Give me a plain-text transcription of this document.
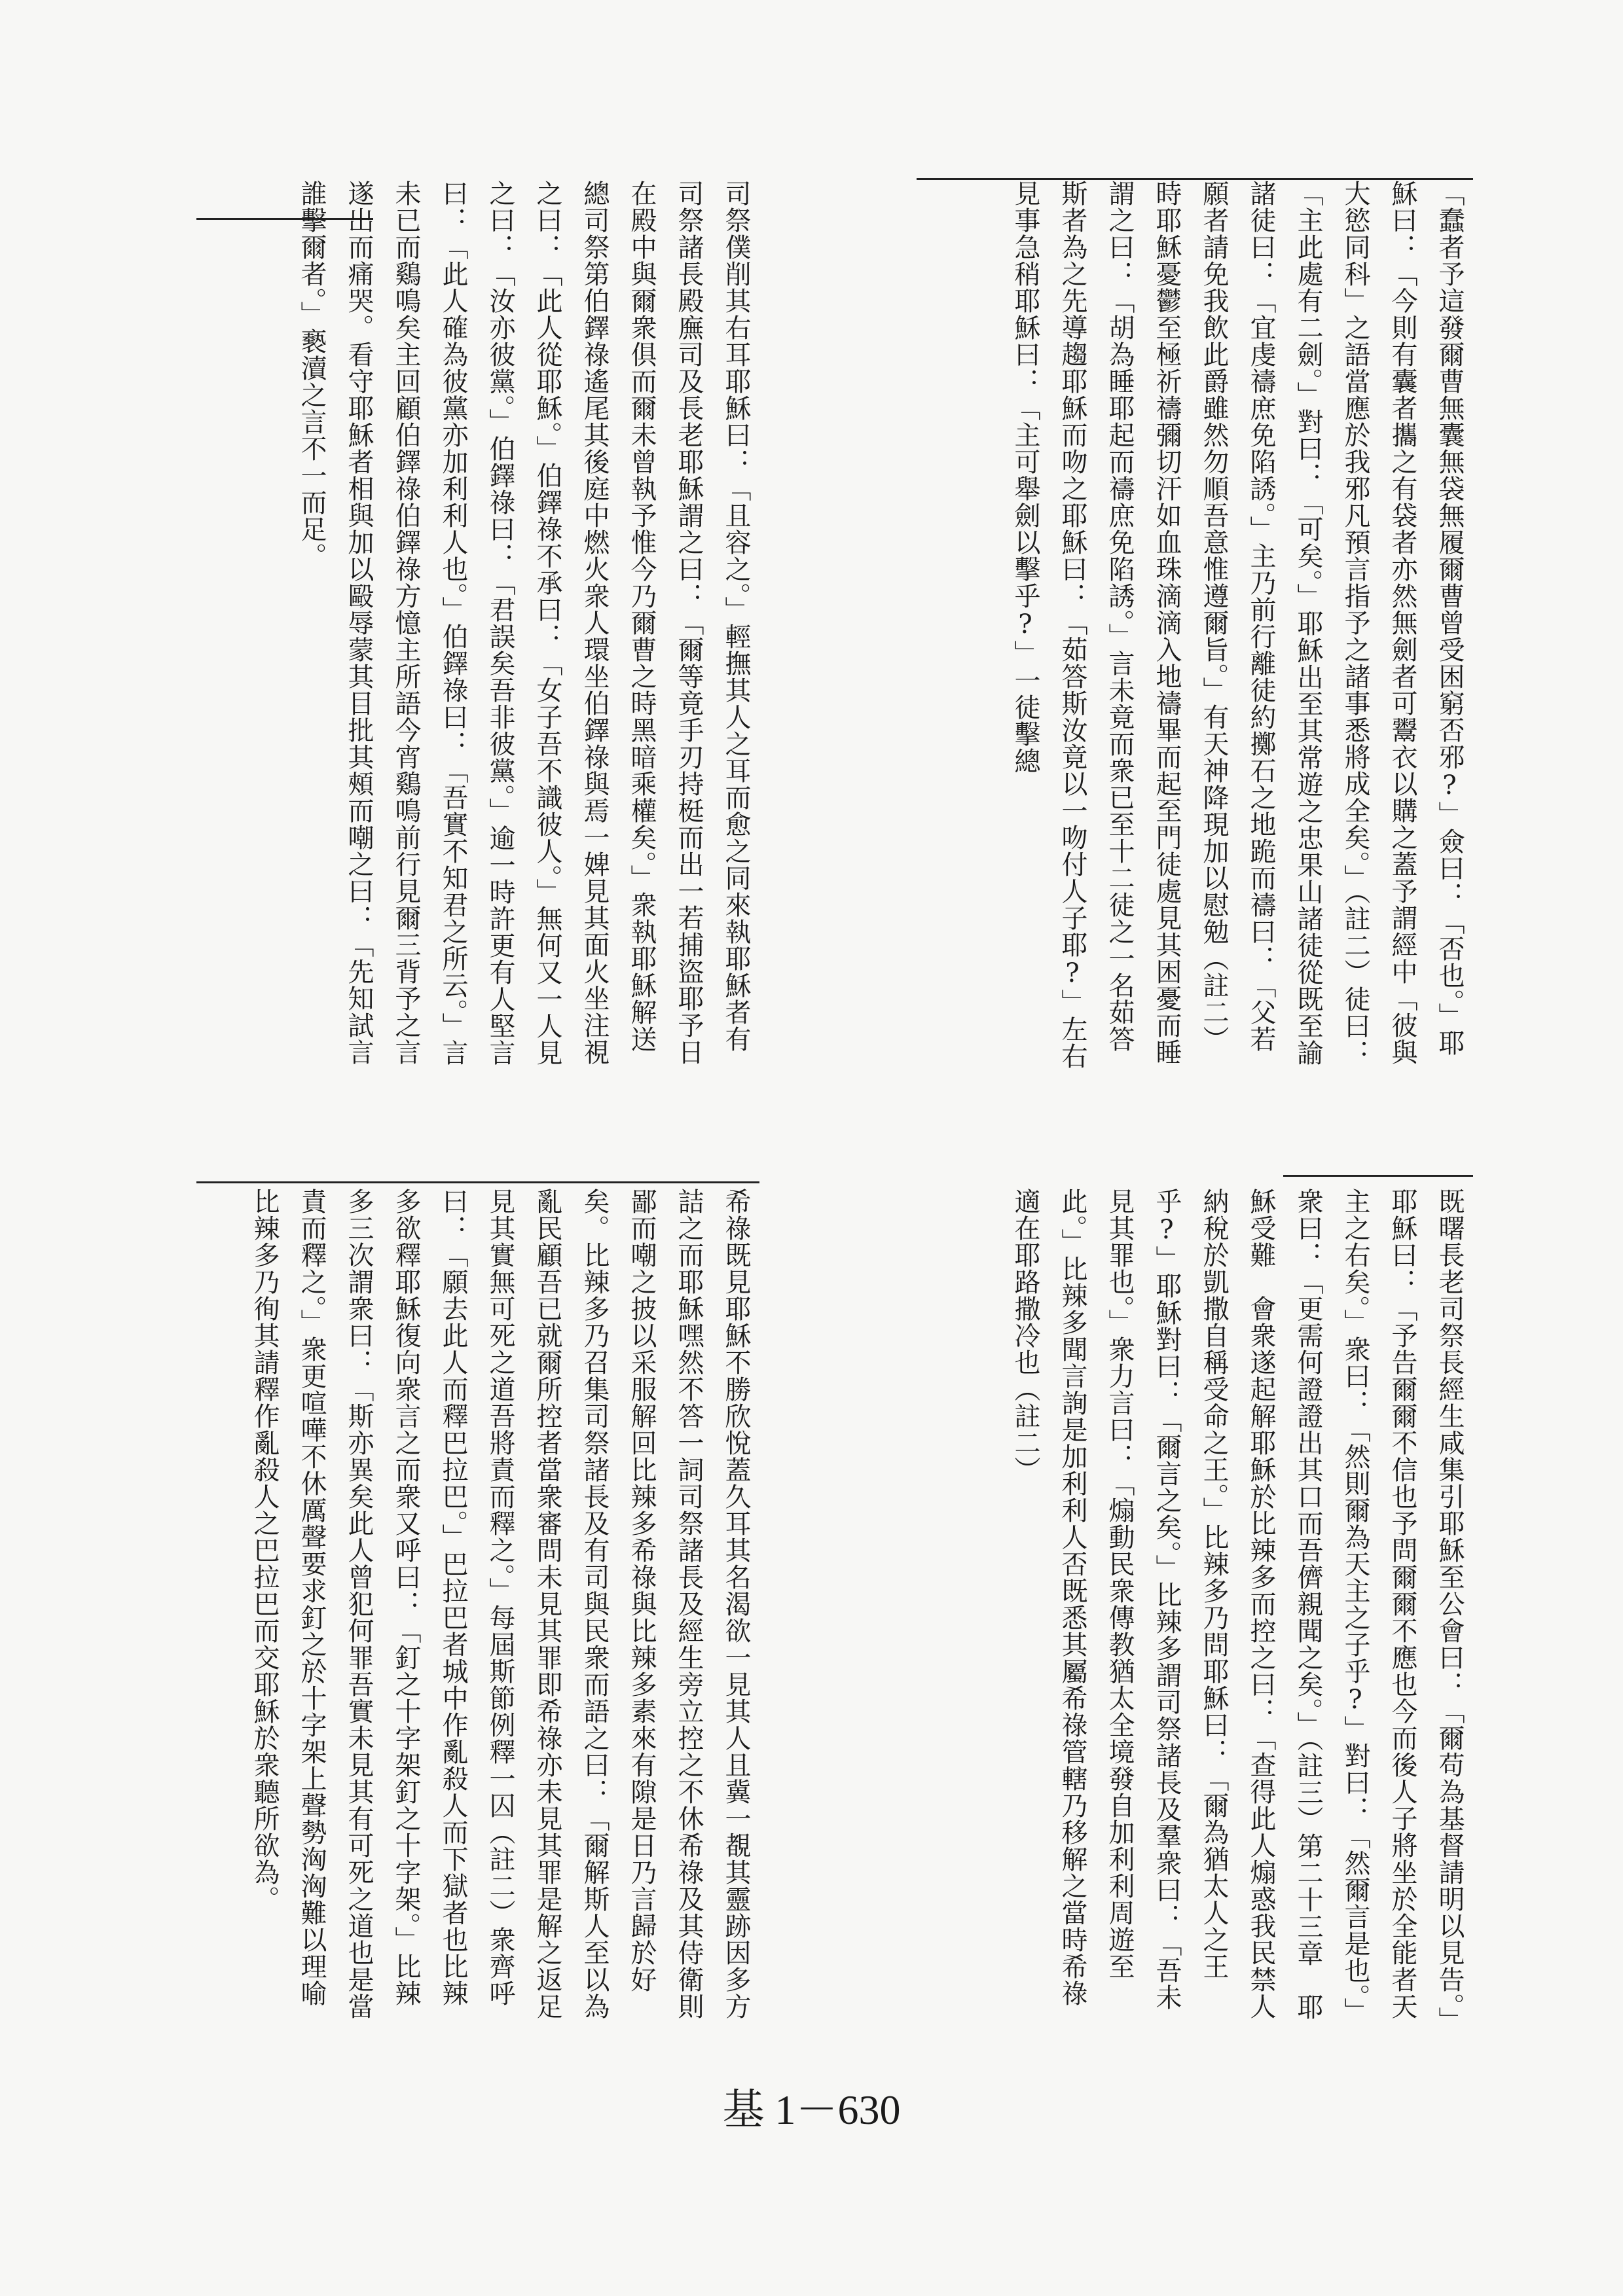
「蠢者予這發爾曹無囊無袋無履爾曹曾受困窮否邪?」僉曰：「否也。」耶穌曰：「今則有囊者攜之有袋者亦然無劍者可鬻衣以購之蓋予謂經中「彼與大慾同科」之語當應於我邪凡預言指予之諸事悉將成全矣。」（註二）徒曰：「主此處有二劍。」對曰：「可矣。」耶穌出至其常遊之忠果山諸徒從既至諭諸徒曰：「宜虔禱庶免陷誘。」主乃前行離徒約擲石之地跪而禱曰：「父若願者請免我飲此爵雖然勿順吾意惟遵爾旨。」有天神降現加以慰勉（註二）時耶穌憂鬱至極祈禱彌切汗如血珠滴滴入地禱畢而起至門徒處見其困憂而睡謂之曰：「胡為睡耶起而禱庶免陷誘。」言未竟而衆已至十二徒之一名茹答斯者為之先導趨耶穌而吻之耶穌曰：「茹答斯汝竟以一吻付人子耶?」左右見事急稍耶穌曰：「主可舉劍以擊乎?」一徒擊總
司祭僕削其右耳耶穌曰：「且容之。」輕撫其人之耳而愈之同來執耶穌者有司祭諸長殿廡司及長老耶穌謂之曰：「爾等竟手刃持梃而出一若捕盜耶予日在殿中與爾衆俱而爾未曾執予惟今乃爾曹之時黑暗乘權矣。」衆執耶穌解送總司祭第伯鐸祿遙尾其後庭中燃火衆人環坐伯鐸祿與焉一婢見其面火坐注視之曰：「此人從耶穌。」伯鐸祿不承曰：「女子吾不識彼人。」無何又一人見之曰：「汝亦彼黨。」伯鐸祿曰：「君誤矣吾非彼黨。」逾一時許更有人堅言曰：「此人確為彼黨亦加利利人也。」伯鐸祿曰：「吾實不知君之所云。」言未已而鷄鳴矣主回顧伯鐸祿伯鐸祿方憶主所語今宵鷄鳴前行見爾三背予之言遂出而痛哭。看守耶穌者相與加以毆辱蒙其目批其頰而嘲之曰：「先知試言誰擊爾者。」褻瀆之言不一而足。
既曙長老司祭長經生咸集引耶穌至公會曰：「爾苟為基督請明以見告。」耶穌曰：「予告爾爾不信也予問爾爾不應也今而後人子將坐於全能者天主之右矣。」衆曰：「然則爾為天主之子乎?」對曰：「然爾言是也。」衆曰：「更需何證證出其口而吾儕親聞之矣。」（註三）第二十三章　耶穌受難　會衆遂起解耶穌於比辣多而控之曰：「查得此人煽惑我民禁人納稅於凱撒自稱受命之王。」比辣多乃問耶穌曰：「爾為猶太人之王乎?」耶穌對曰：「爾言之矣。」比辣多謂司祭諸長及羣衆曰：「吾未見其罪也。」衆力言曰：「煽動民衆傳教猶太全境發自加利利周遊至此。」比辣多聞言詢是加利利人否既悉其屬希祿管轄乃移解之當時希祿適在耶路撒冷也（註二）
希祿既見耶穌不勝欣悅蓋久耳其名渴欲一見其人且冀一覩其靈跡因多方詰之而耶穌嘿然不答一詞司祭諸長及經生旁立控之不休希祿及其侍衛則鄙而嘲之披以采服解回比辣多希祿與比辣多素來有隙是日乃言歸於好矣。比辣多乃召集司祭諸長及有司與民衆而語之曰：「爾解斯人至以為亂民顧吾已就爾所控者當衆審問未見其罪即希祿亦未見其罪是解之返足見其實無可死之道吾將責而釋之。」每屆斯節例釋一囚（註二）衆齊呼曰：「願去此人而釋巴拉巴。」巴拉巴者城中作亂殺人而下獄者也比辣多欲釋耶穌復向衆言之而衆又呼曰：「釘之十字架釘之十字架。」比辣多三次謂衆曰：「斯亦異矣此人曾犯何罪吾實未見其有可死之道也是當責而釋之。」衆更喧嘩不休厲聲要求釘之於十字架上聲勢洶洶難以理喻比辣多乃徇其請釋作亂殺人之巴拉巴而交耶穌於衆聽所欲為。
基 1－630
